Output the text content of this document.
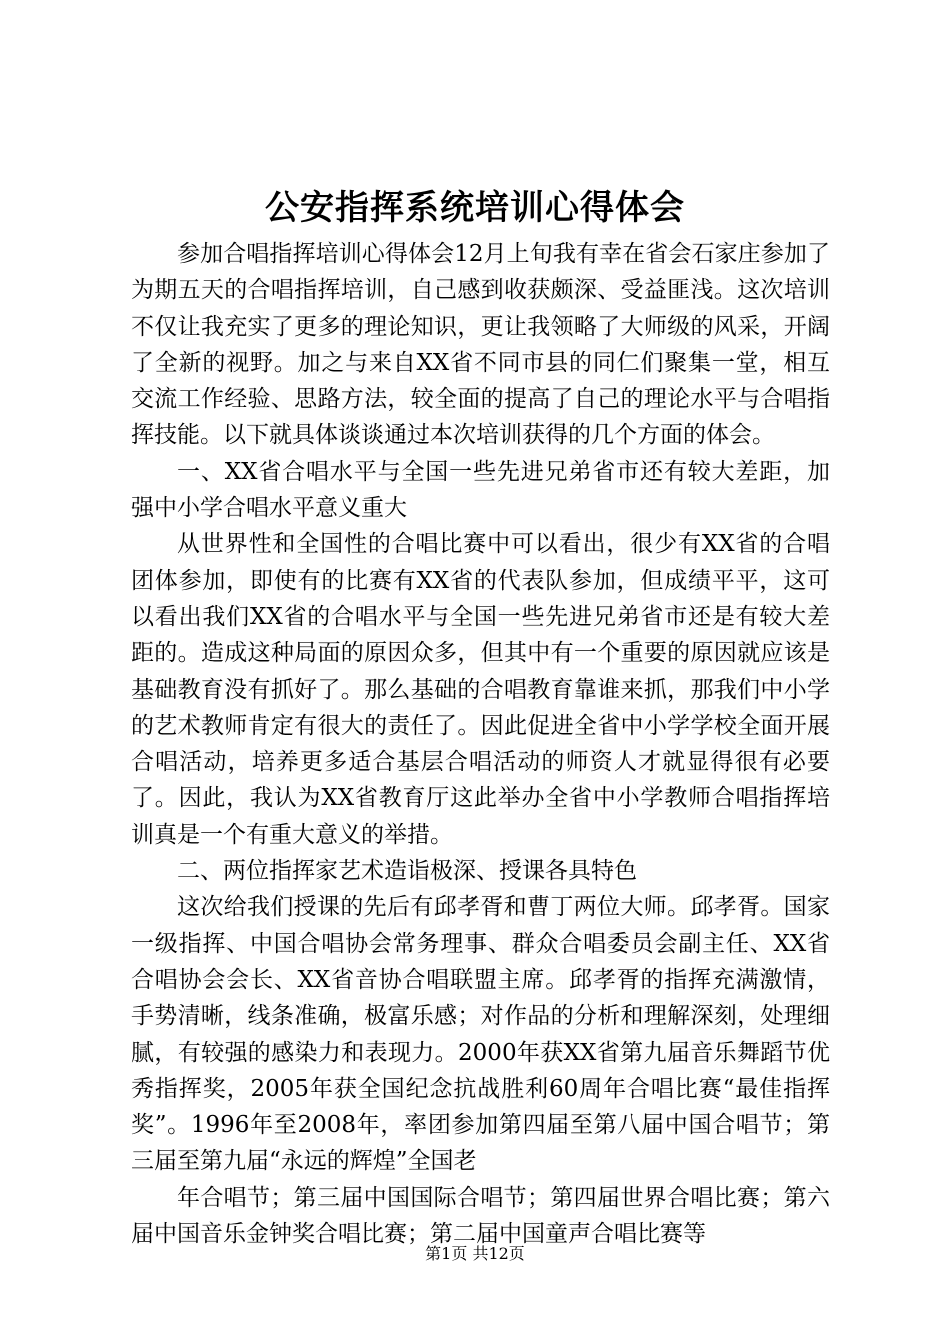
公安指挥系统培训心得体会

参加合唱指挥培训心得体会12月上旬我有幸在省会石家庄参加了为期五天的合唱指挥培训，自己感到收获颇深、受益匪浅。这次培训不仅让我充实了更多的理论知识，更让我领略了大师级的风采，开阔了全新的视野。加之与来自XX省不同市县的同仁们聚集一堂，相互交流工作经验、思路方法，较全面的提高了自己的理论水平与合唱指挥技能。以下就具体谈谈通过本次培训获得的几个方面的体会。

一、XX省合唱水平与全国一些先进兄弟省市还有较大差距，加强中小学合唱水平意义重大

从世界性和全国性的合唱比赛中可以看出，很少有XX省的合唱团体参加，即使有的比赛有XX省的代表队参加，但成绩平平，这可以看出我们XX省的合唱水平与全国一些先进兄弟省市还是有较大差距的。造成这种局面的原因众多，但其中有一个重要的原因就应该是基础教育没有抓好了。那么基础的合唱教育靠谁来抓，那我们中小学的艺术教师肯定有很大的责任了。因此促进全省中小学学校全面开展合唱活动，培养更多适合基层合唱活动的师资人才就显得很有必要了。因此，我认为XX省教育厅这此举办全省中小学教师合唱指挥培训真是一个有重大意义的举措。

二、两位指挥家艺术造诣极深、授课各具特色

这次给我们授课的先后有邱孝胥和曹丁两位大师。邱孝胥。国家一级指挥、中国合唱协会常务理事、群众合唱委员会副主任、XX省合唱协会会长、XX省音协合唱联盟主席。邱孝胥的指挥充满激情，手势清晰，线条准确，极富乐感；对作品的分析和理解深刻，处理细腻，有较强的感染力和表现力。2000年获XX省第九届音乐舞蹈节优秀指挥奖，2005年获全国纪念抗战胜利60周年合唱比赛“最佳指挥奖”。1996年至2008年，率团参加第四届至第八届中国合唱节；第三届至第九届“永远的辉煌”全国老

年合唱节；第三届中国国际合唱节；第四届世界合唱比赛；第六届中国音乐金钟奖合唱比赛；第二届中国童声合唱比赛等

第1页 共12页
